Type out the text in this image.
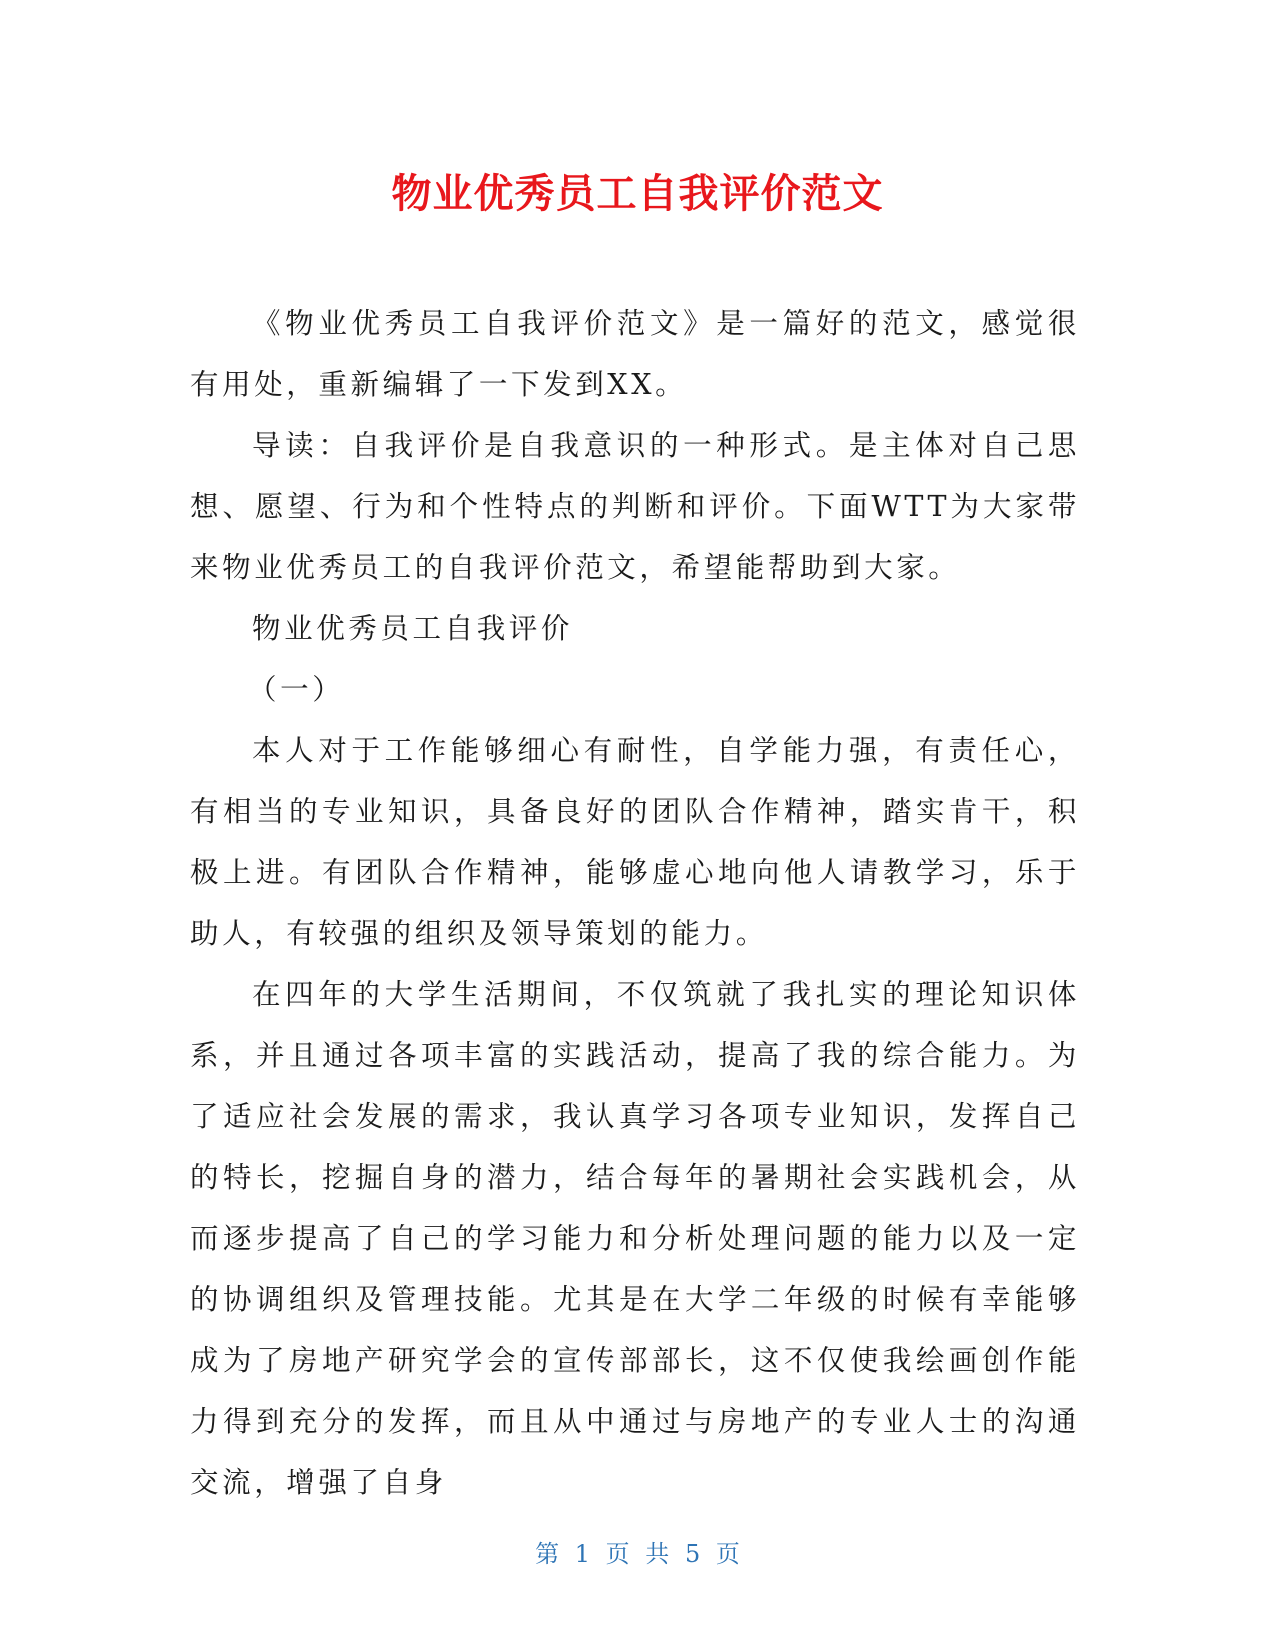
物业优秀员工自我评价范文

《物业优秀员工自我评价范文》是一篇好的范文，感觉很有用处，重新编辑了一下发到XX。

导读：自我评价是自我意识的一种形式。是主体对自己思想、愿望、行为和个性特点的判断和评价。下面WTT为大家带来物业优秀员工的自我评价范文，希望能帮助到大家。

物业优秀员工自我评价

（一）

本人对于工作能够细心有耐性，自学能力强，有责任心，有相当的专业知识，具备良好的团队合作精神，踏实肯干，积极上进。有团队合作精神，能够虚心地向他人请教学习，乐于助人，有较强的组织及领导策划的能力。

在四年的大学生活期间，不仅筑就了我扎实的理论知识体系，并且通过各项丰富的实践活动，提高了我的综合能力。为了适应社会发展的需求，我认真学习各项专业知识，发挥自己的特长，挖掘自身的潜力，结合每年的暑期社会实践机会，从而逐步提高了自己的学习能力和分析处理问题的能力以及一定的协调组织及管理技能。尤其是在大学二年级的时候有幸能够成为了房地产研究学会的宣传部部长，这不仅使我绘画创作能力得到充分的发挥，而且从中通过与房地产的专业人士的沟通交流，增强了自身

第 1 页 共 5 页
